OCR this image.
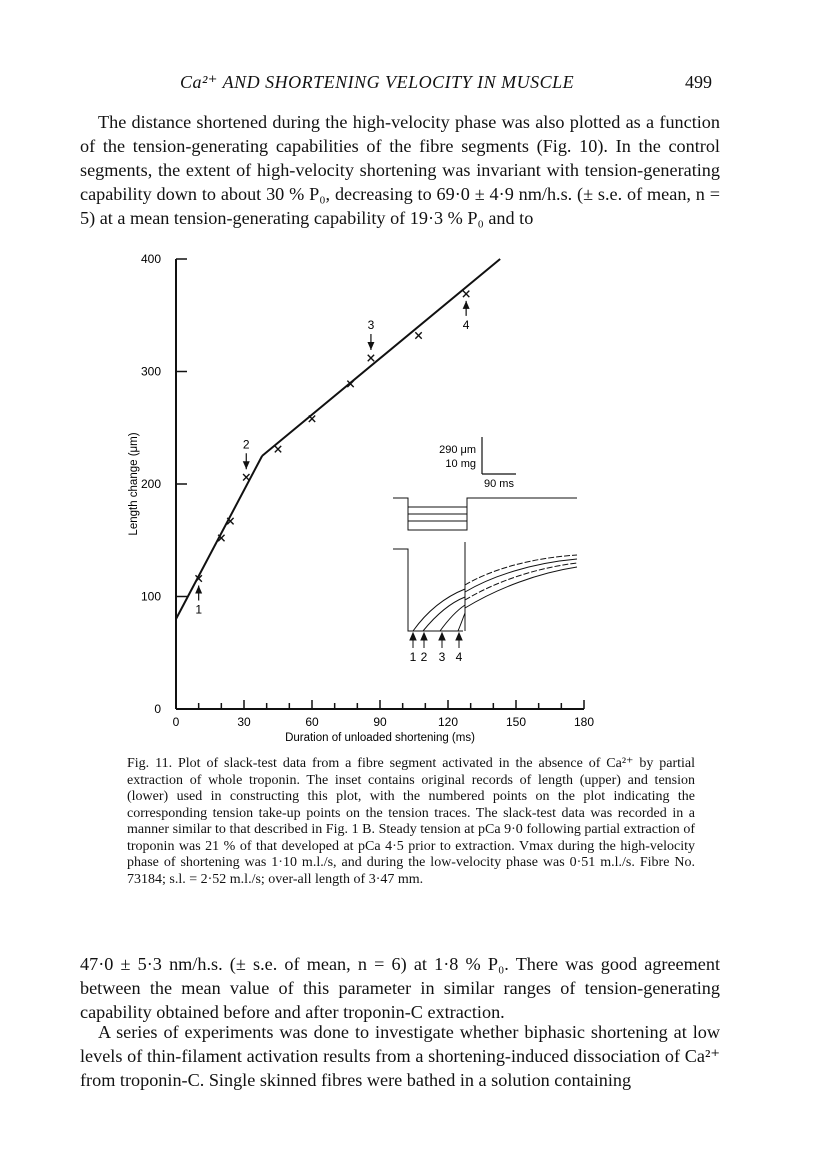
Ca²⁺ AND SHORTENING VELOCITY IN MUSCLE	499

The distance shortened during the high-velocity phase was also plotted as a function of the tension-generating capabilities of the fibre segments (Fig. 10). In the control segments, the extent of high-velocity shortening was invariant with tension-generating capability down to about 30 % P₀, decreasing to 69·0 ± 4·9 nm/h.s. (± s.e. of mean, n = 5) at a mean tension-generating capability of 19·3 % P₀ and to

0	30	60	90	120	150	180
0
100
200
300
400
Length change (μm)
Duration of unloaded shortening (ms)
1
2
3	4
290 μm
10 mg
90 ms
1 2 3 4

Fig. 11. Plot of slack-test data from a fibre segment activated in the absence of Ca²⁺ by partial extraction of whole troponin. The inset contains original records of length (upper) and tension (lower) used in constructing this plot, with the numbered points on the plot indicating the corresponding tension take-up points on the tension traces. The slack-test data was recorded in a manner similar to that described in Fig. 1 B. Steady tension at pCa 9·0 following partial extraction of troponin was 21 % of that developed at pCa 4·5 prior to extraction. Vmax during the high-velocity phase of shortening was 1·10 m.l./s, and during the low-velocity phase was 0·51 m.l./s. Fibre No. 73184; s.l. = 2·52 m.l./s; over-all length of 3·47 mm.

47·0 ± 5·3 nm/h.s. (± s.e. of mean, n = 6) at 1·8 % P₀. There was good agreement between the mean value of this parameter in similar ranges of tension-generating capability obtained before and after troponin-C extraction.

A series of experiments was done to investigate whether biphasic shortening at low levels of thin-filament activation results from a shortening-induced dissociation of Ca²⁺ from troponin-C. Single skinned fibres were bathed in a solution containing
